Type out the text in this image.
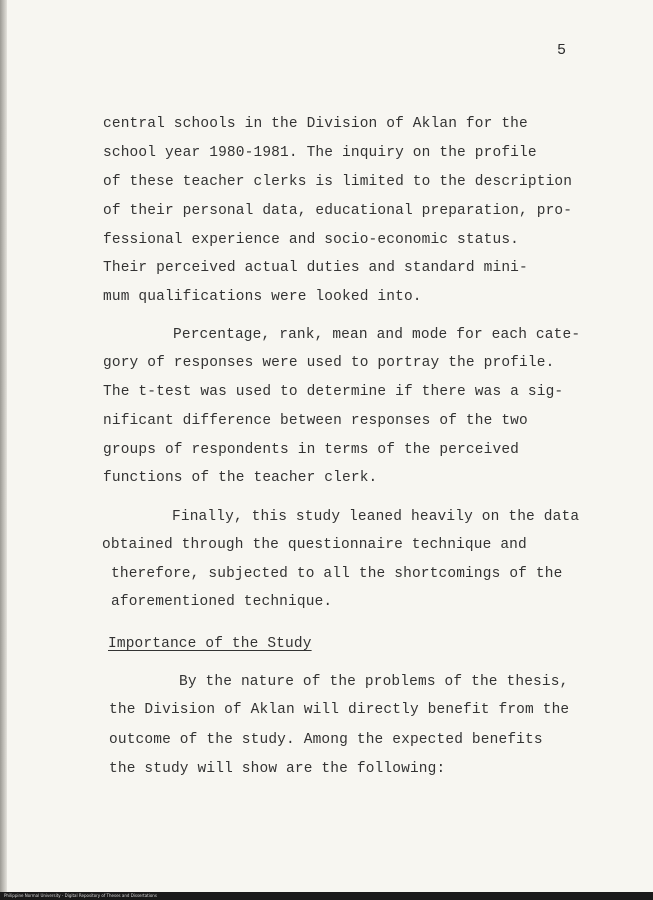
5
central schools in the Division of Aklan for the
school year 1980-1981. The inquiry on the profile
of these teacher clerks is limited to the description
of their personal data, educational preparation, pro-
fessional experience and socio-economic status.
Their perceived actual duties and standard mini-
mum qualifications were looked into.
Percentage, rank, mean and mode for each cate-
gory of responses were used to portray the profile.
The t-test was used to determine if there was a sig-
nificant difference between responses of the two
groups of respondents in terms of the perceived
functions of the teacher clerk.
Finally, this study leaned heavily on the data
obtained through the questionnaire technique and
therefore, subjected to all the shortcomings of the
aforementioned technique.
Importance of the Study
By the nature of the problems of the thesis,
the Division of Aklan will directly benefit from the
outcome of the study. Among the expected benefits
the study will show are the following:
Philippine Normal University - Digital Repository of Theses and Dissertations
